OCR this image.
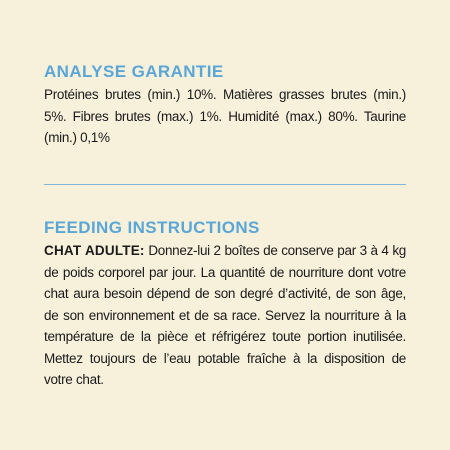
ANALYSE GARANTIE

Protéines brutes (min.) 10%. Matières grasses brutes (min.) 5%. Fibres brutes (max.) 1%. Humidité (max.) 80%. Taurine (min.) 0,1%

FEEDING INSTRUCTIONS

CHAT ADULTE: Donnez-lui 2 boîtes de conserve par 3 à 4 kg de poids corporel par jour. La quantité de nourriture dont votre chat aura besoin dépend de son degré d’activité, de son âge, de son environnement et de sa race. Servez la nourriture à la température de la pièce et réfrigérez toute portion inutilisée. Mettez toujours de l’eau potable fraîche à la disposition de votre chat.
